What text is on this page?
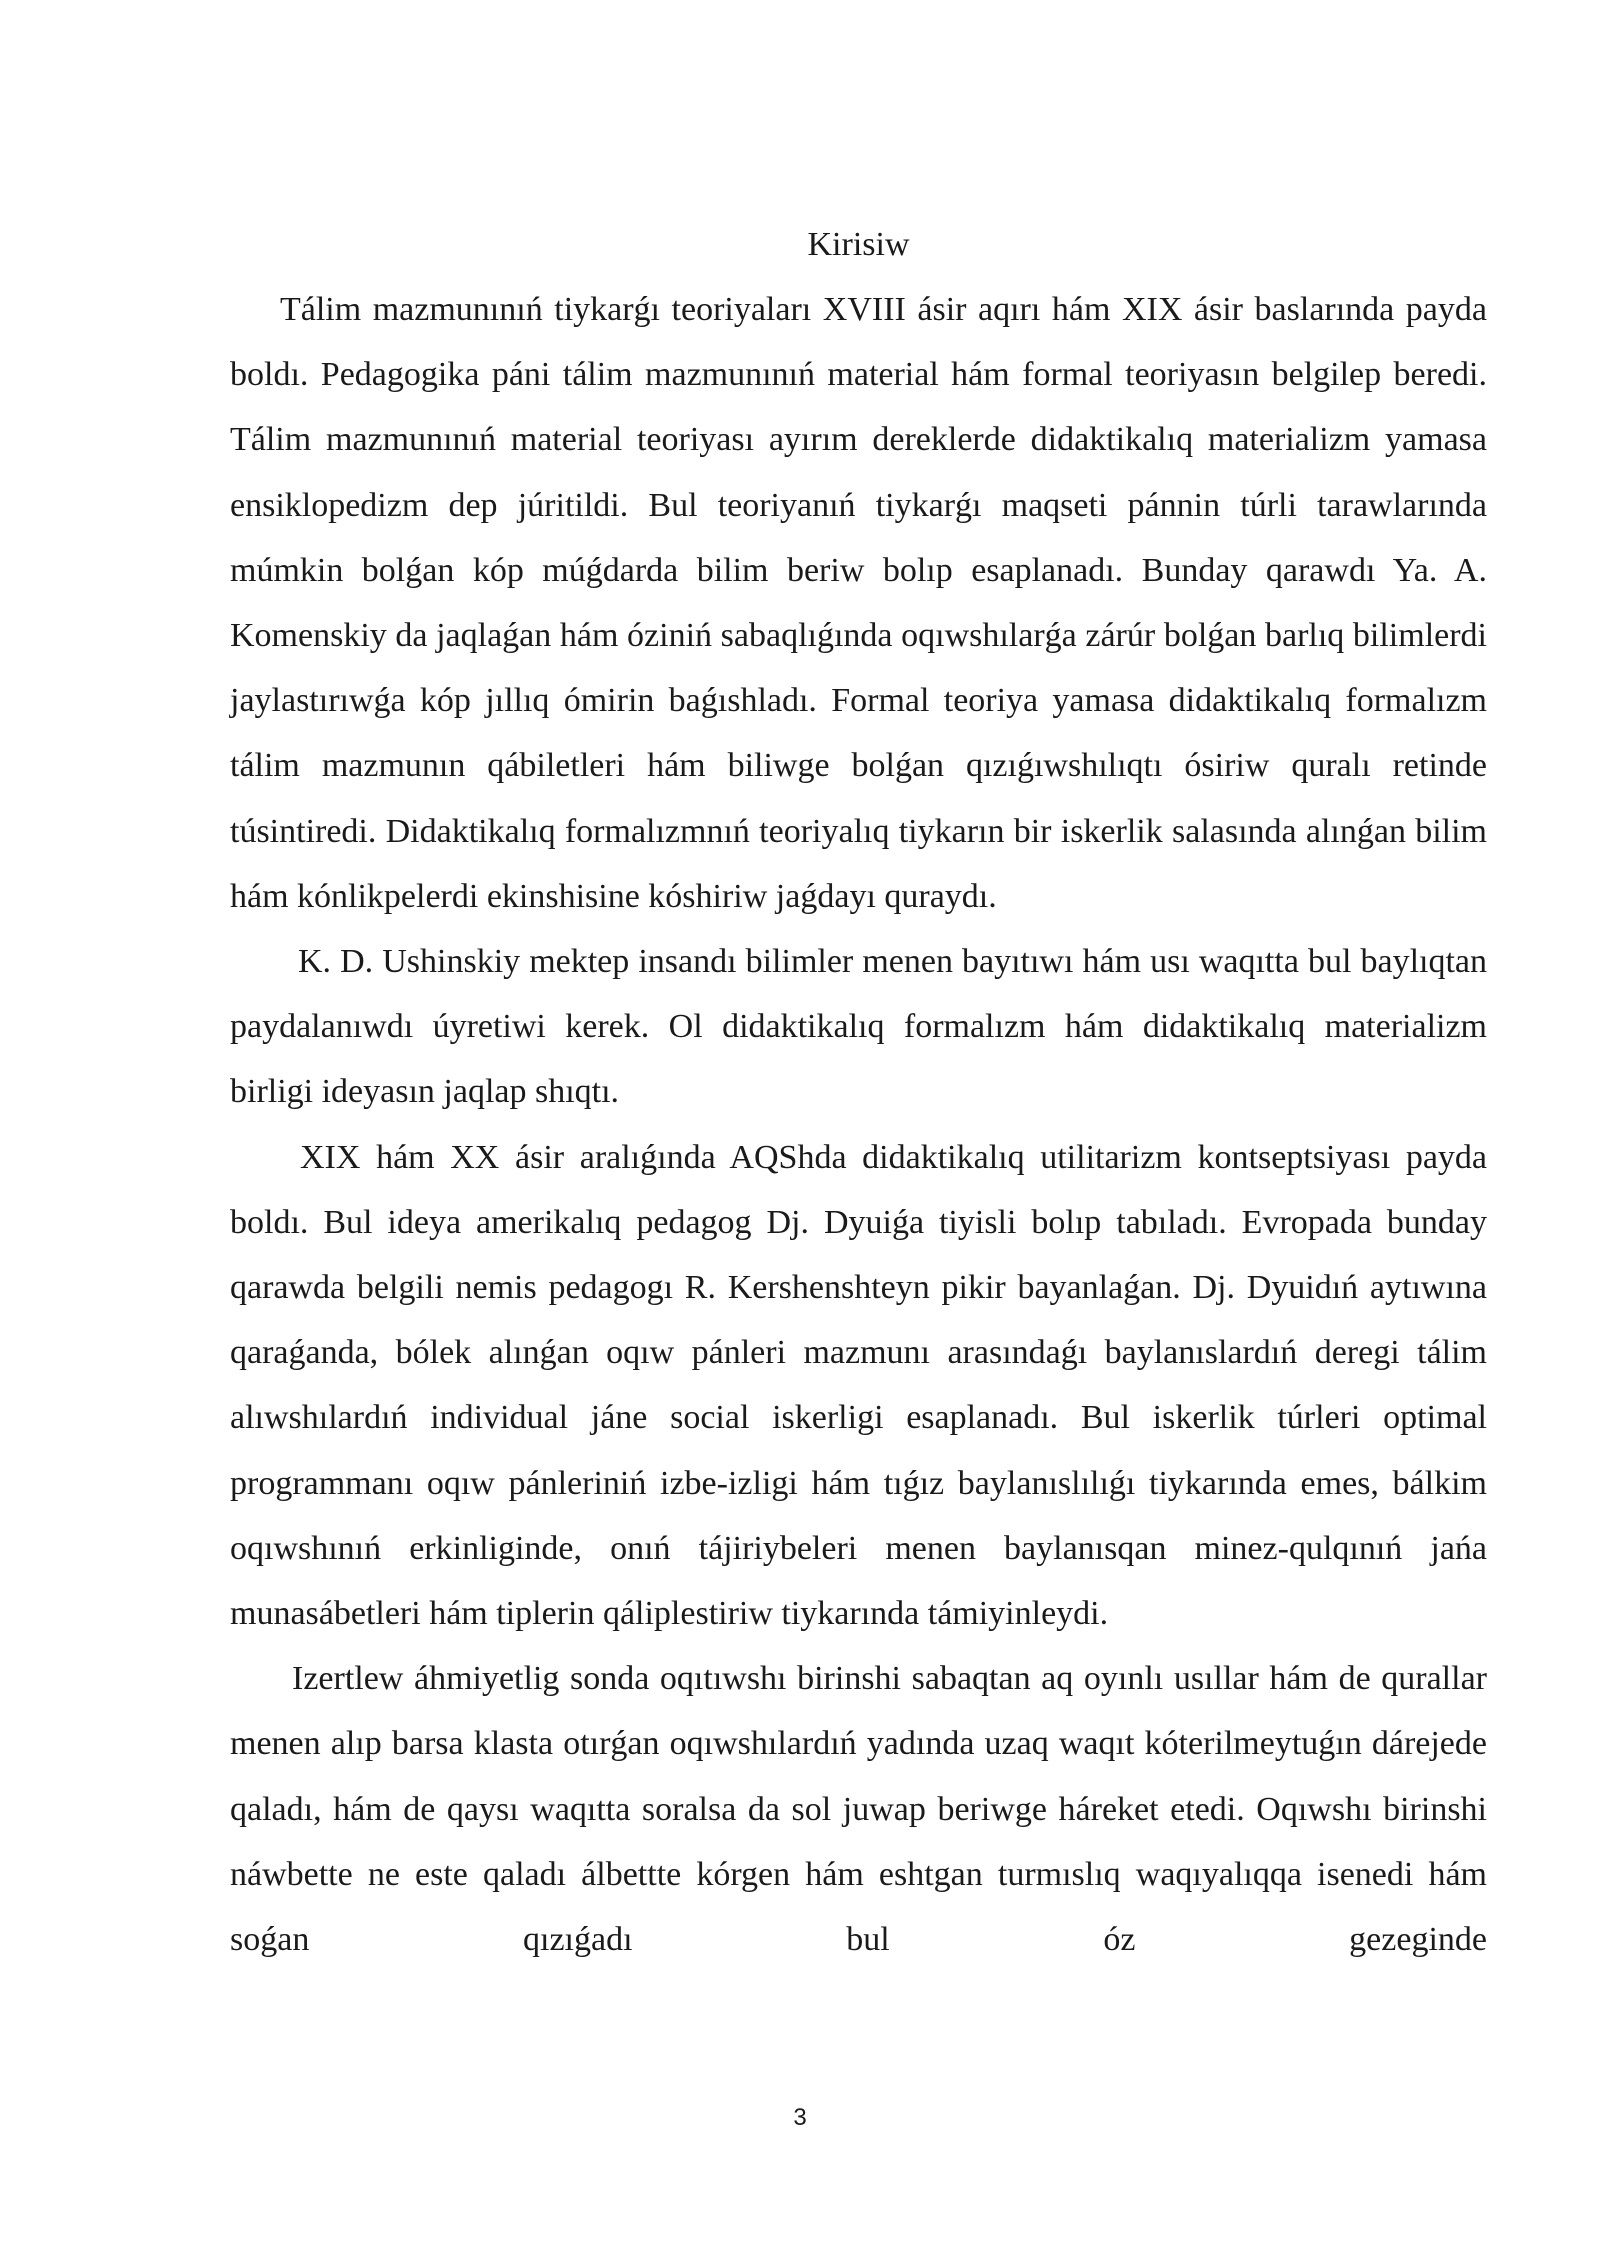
Kirisiw

Tálim mazmunınıń tiykarǵı teoriyaları XVIII ásir aqırı hám XIX ásir baslarında payda boldı. Pedagogika páni tálim mazmunınıń material hám formal teoriyasın belgilep beredi. Tálim mazmunınıń material teoriyası ayırım dereklerde didaktikalıq materializm yamasa ensiklopedizm dep júritildi. Bul teoriyanıń tiykarǵı maqseti pánnin túrli tarawlarında múmkin bolǵan kóp múǵdarda bilim beriw bolıp esaplanadı. Bunday qarawdı Ya. A. Komenskiy da jaqlaǵan hám óziniń sabaqlıǵında oqıwshılarǵa zárúr bolǵan barlıq bilimlerdi jaylastırıwǵa kóp jıllıq ómirin baǵıshladı. Formal teoriya yamasa didaktikalıq formalızm tálim mazmunın qábiletleri hám biliwge bolǵan qızıǵıwshılıqtı ósiriw quralı retinde túsintiredi. Didaktikalıq formalızmnıń teoriyalıq tiykarın bir iskerlik salasında alınǵan bilim hám kónlikpelerdi ekinshisine kóshiriw jaǵdayı quraydı.

K. D. Ushinskiy mektep insandı bilimler menen bayıtıwı hám usı waqıtta bul baylıqtan paydalanıwdı úyretiwi kerek. Ol didaktikalıq formalızm hám didaktikalıq materializm birligi ideyasın jaqlap shıqtı.

XIX hám XX ásir aralıǵında AQShda didaktikalıq utilitarizm kontseptsiyası payda boldı. Bul ideya amerikalıq pedagog Dj. Dyuiǵa tiyisli bolıp tabıladı. Evropada bunday qarawda belgili nemis pedagogı R. Kershenshteyn pikir bayanlaǵan. Dj. Dyuidıń aytıwına qaraǵanda, bólek alınǵan oqıw pánleri mazmunı arasındaǵı baylanıslardıń deregi tálim alıwshılardıń individual jáne social iskerligi esaplanadı. Bul iskerlik túrleri optimal programmanı oqıw pánleriniń izbe-izligi hám tıǵız baylanıslılıǵı tiykarında emes, bálkim oqıwshınıń erkinliginde, onıń tájiriybeleri menen baylanısqan minez-qulqınıń jańa munasábetleri hám tiplerin qáliplestiriw tiykarında támiyinleydi.

Izertlew áhmiyetlig sonda oqıtıwshı birinshi sabaqtan aq oyınlı usıllar hám de qurallar menen alıp barsa klasta otırǵan oqıwshılardıń yadında uzaq waqıt kóterilmeytuǵın dárejede qaladı, hám de qaysı waqıtta soralsa da sol juwap beriwge háreket etedi. Oqıwshı birinshi náwbette ne este qaladı álbettte kórgen hám eshtgan turmıslıq waqıyalıqqa isenedi hám soǵan qızıǵadı bul óz gezeginde

3
